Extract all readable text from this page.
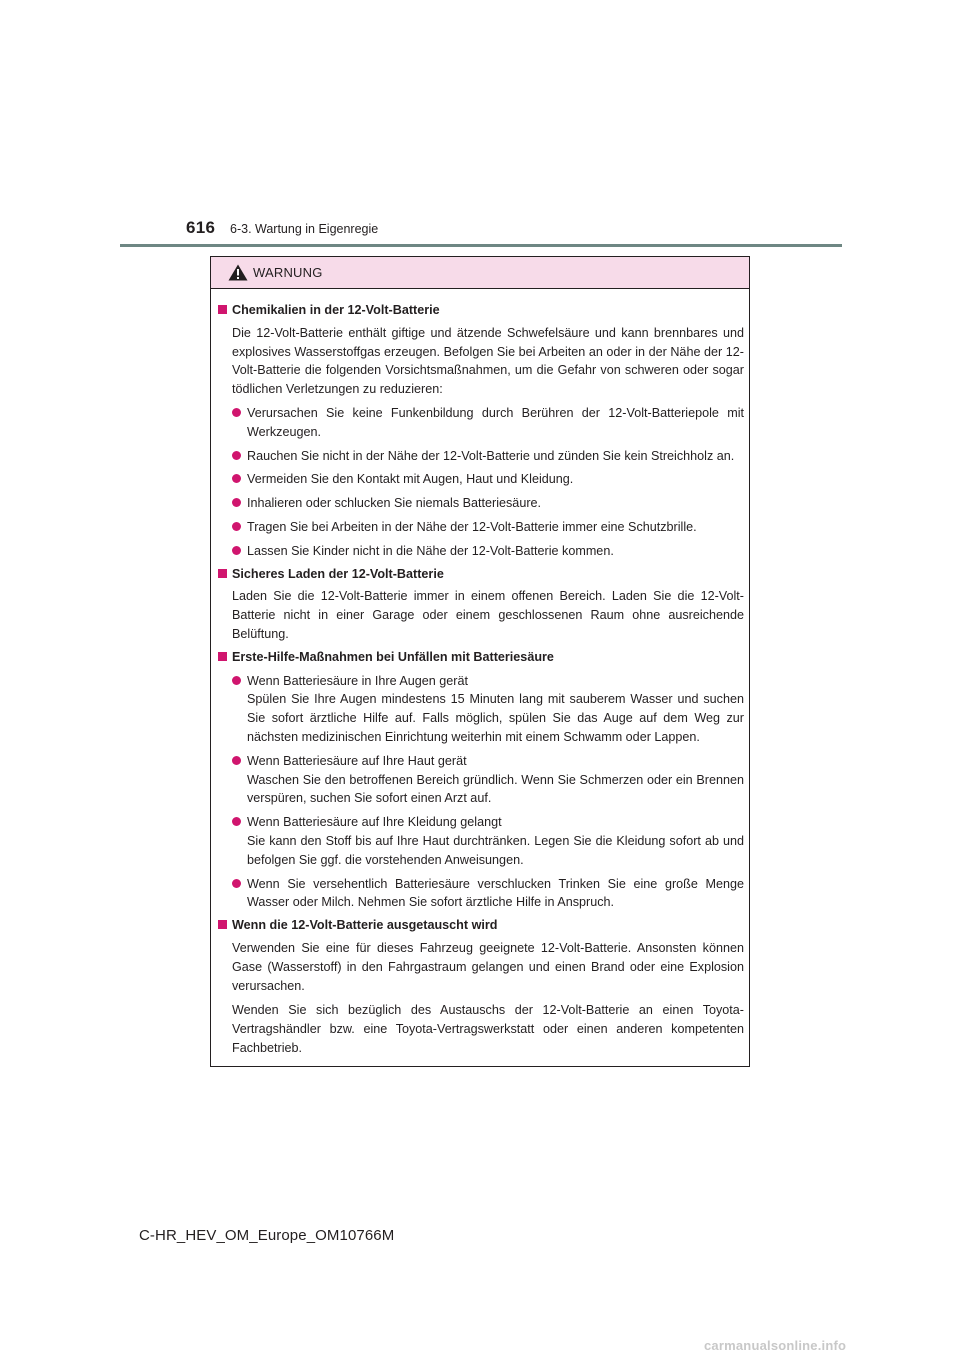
616 6-3. Wartung in Eigenregie
WARNUNG
Chemikalien in der 12-Volt-Batterie
Die 12-Volt-Batterie enthält giftige und ätzende Schwefelsäure und kann brennbares und explosives Wasserstoffgas erzeugen. Befolgen Sie bei Arbeiten an oder in der Nähe der 12-Volt-Batterie die folgenden Vorsichtsmaßnahmen, um die Gefahr von schweren oder sogar tödlichen Verletzungen zu reduzieren:
Verursachen Sie keine Funkenbildung durch Berühren der 12-Volt-Batteriepole mit Werkzeugen.
Rauchen Sie nicht in der Nähe der 12-Volt-Batterie und zünden Sie kein Streichholz an.
Vermeiden Sie den Kontakt mit Augen, Haut und Kleidung.
Inhalieren oder schlucken Sie niemals Batteriesäure.
Tragen Sie bei Arbeiten in der Nähe der 12-Volt-Batterie immer eine Schutzbrille.
Lassen Sie Kinder nicht in die Nähe der 12-Volt-Batterie kommen.
Sicheres Laden der 12-Volt-Batterie
Laden Sie die 12-Volt-Batterie immer in einem offenen Bereich. Laden Sie die 12-Volt-Batterie nicht in einer Garage oder einem geschlossenen Raum ohne ausreichende Belüftung.
Erste-Hilfe-Maßnahmen bei Unfällen mit Batteriesäure
Wenn Batteriesäure in Ihre Augen gerät
Spülen Sie Ihre Augen mindestens 15 Minuten lang mit sauberem Wasser und suchen Sie sofort ärztliche Hilfe auf. Falls möglich, spülen Sie das Auge auf dem Weg zur nächsten medizinischen Einrichtung weiterhin mit einem Schwamm oder Lappen.
Wenn Batteriesäure auf Ihre Haut gerät
Waschen Sie den betroffenen Bereich gründlich. Wenn Sie Schmerzen oder ein Brennen verspüren, suchen Sie sofort einen Arzt auf.
Wenn Batteriesäure auf Ihre Kleidung gelangt
Sie kann den Stoff bis auf Ihre Haut durchtränken. Legen Sie die Kleidung sofort ab und befolgen Sie ggf. die vorstehenden Anweisungen.
Wenn Sie versehentlich Batteriesäure verschlucken Trinken Sie eine große Menge Wasser oder Milch. Nehmen Sie sofort ärztliche Hilfe in Anspruch.
Wenn die 12-Volt-Batterie ausgetauscht wird
Verwenden Sie eine für dieses Fahrzeug geeignete 12-Volt-Batterie. Ansonsten können Gase (Wasserstoff) in den Fahrgastraum gelangen und einen Brand oder eine Explosion verursachen.
Wenden Sie sich bezüglich des Austauschs der 12-Volt-Batterie an einen Toyota-Vertragshändler bzw. eine Toyota-Vertragswerkstatt oder einen anderen kompetenten Fachbetrieb.
C-HR_HEV_OM_Europe_OM10766M
carmanualsonline.info
